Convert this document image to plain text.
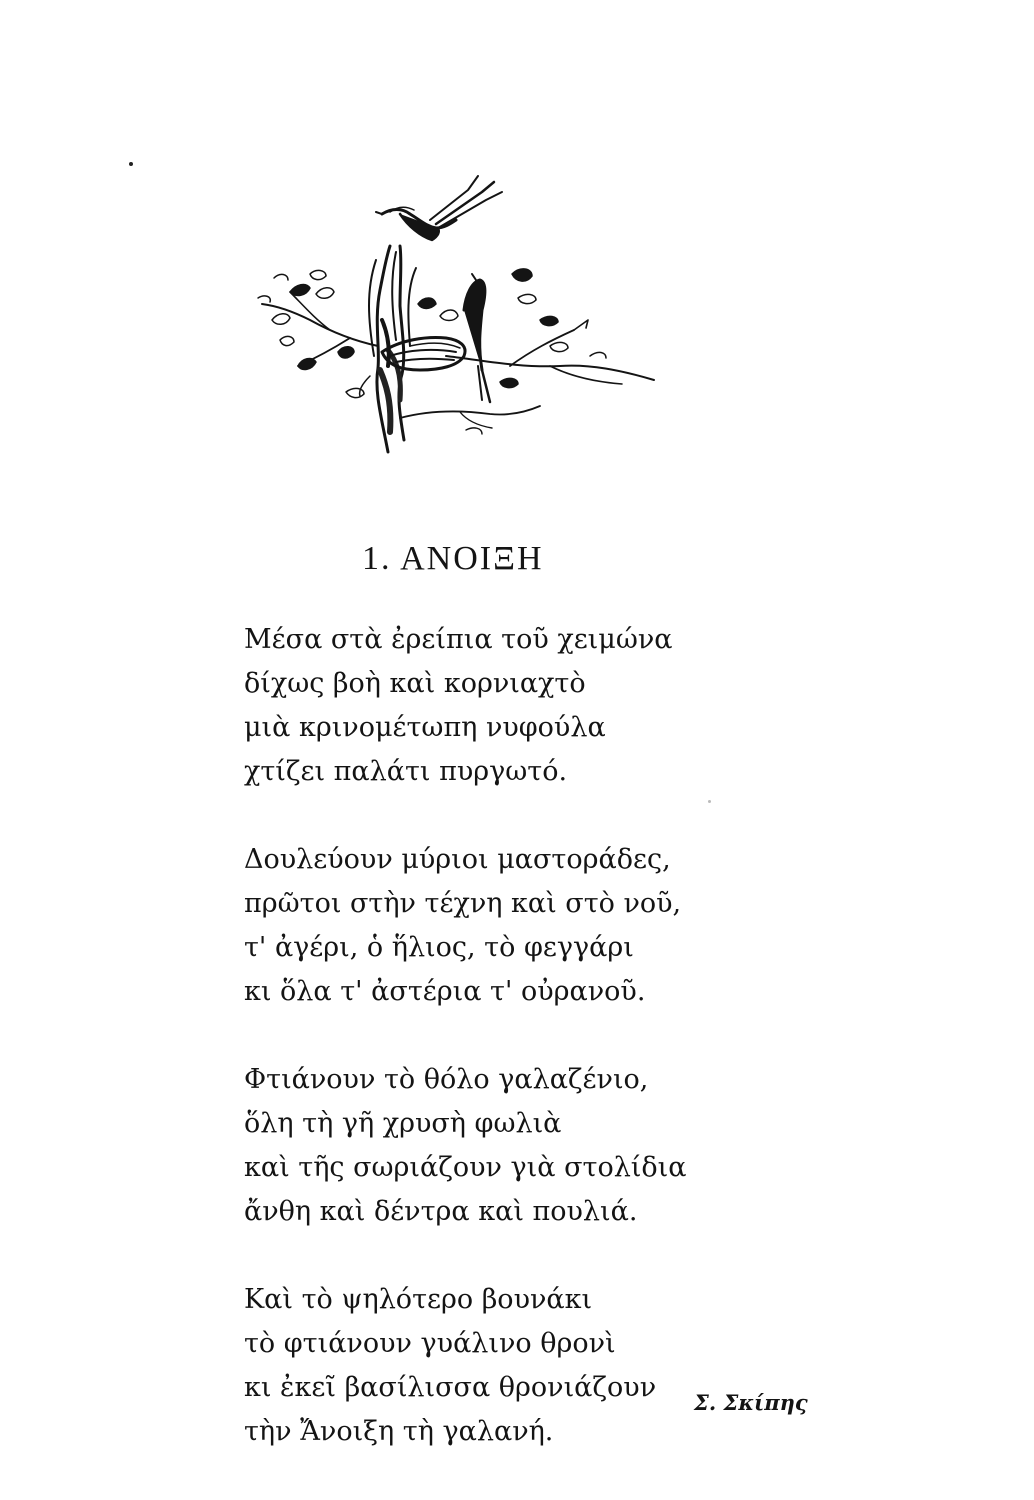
1. ΑΝΟΙΞΗ
Μέσα στὰ ἐρείπια τοῦ χειμώνα
δίχως βοὴ καὶ κορνιαχτὸ
μιὰ κρινομέτωπη νυφούλα
χτίζει παλάτι πυργωτό.
Δουλεύουν μύριοι μαστοράδες,
πρῶτοι στὴν τέχνη καὶ στὸ νοῦ,
τ' ἀγέρι, ὁ ἥλιος, τὸ φεγγάρι
κι ὅλα τ' ἀστέρια τ' οὐρανοῦ.
Φτιάνουν τὸ θόλο γαλαζένιο,
ὅλη τὴ γῆ χρυσὴ φωλιὰ
καὶ τῆς σωριάζουν γιὰ στολίδια
ἄνθη καὶ δέντρα καὶ πουλιά.
Καὶ τὸ ψηλότερο βουνάκι
τὸ φτιάνουν γυάλινο θρονὶ
κι ἐκεῖ βασίλισσα θρονιάζουν
τὴν Ἄνοιξη τὴ γαλανή.
Σ. Σκίπης
